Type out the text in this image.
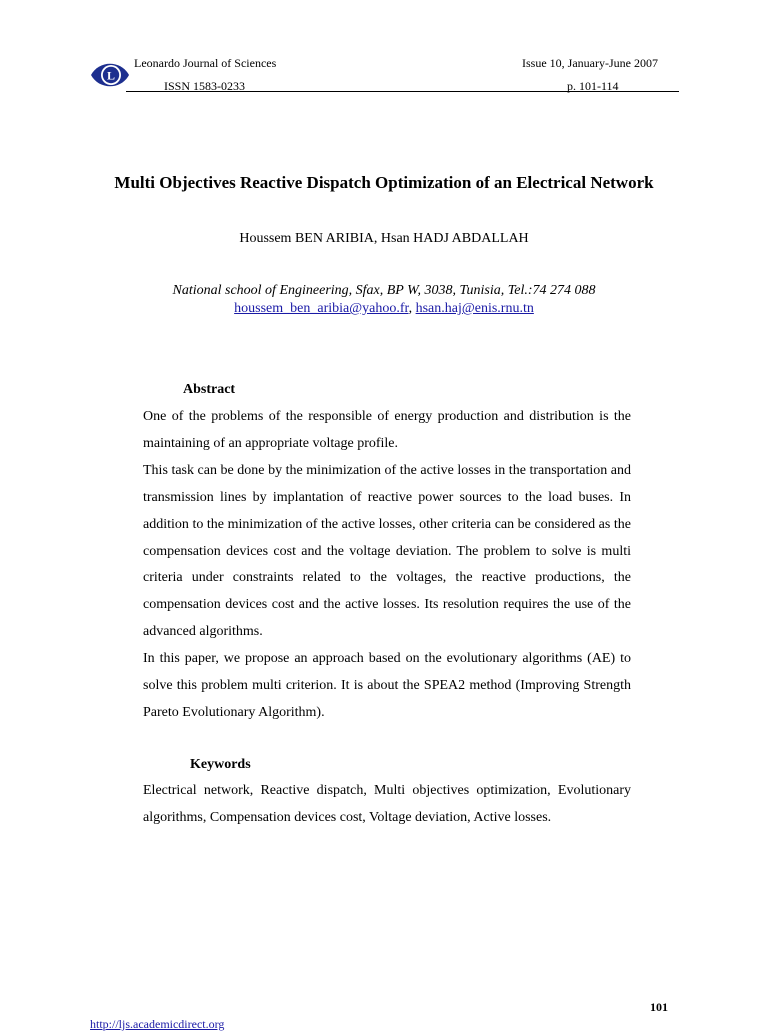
L
Leonardo Journal of Sciences
ISSN 1583-0233
Issue 10, January-June 2007
p. 101-114
Multi Objectives Reactive Dispatch Optimization of an Electrical Network
Houssem BEN ARIBIA, Hsan HADJ ABDALLAH
National school of Engineering, Sfax, BP W, 3038, Tunisia, Tel.:74 274 088
houssem_ben_aribia@yahoo.fr, hsan.haj@enis.rnu.tn
Abstract

One of the problems of the responsible of energy production and distribution is the maintaining of an appropriate voltage profile.

This task can be done by the minimization of the active losses in the transportation and transmission lines by implantation of reactive power sources to the load buses. In addition to the minimization of the active losses, other criteria can be considered as the compensation devices cost and the voltage deviation. The problem to solve is multi criteria under constraints related to the voltages, the reactive productions, the compensation devices cost and the active losses. Its resolution requires the use of the advanced algorithms.

In this paper, we propose an approach based on the evolutionary algorithms (AE) to solve this problem multi criterion. It is about the SPEA2 method (Improving Strength Pareto Evolutionary Algorithm).

Keywords

Electrical network, Reactive dispatch, Multi objectives optimization, Evolutionary algorithms, Compensation devices cost, Voltage deviation, Active losses.

101
http://ljs.academicdirect.org
